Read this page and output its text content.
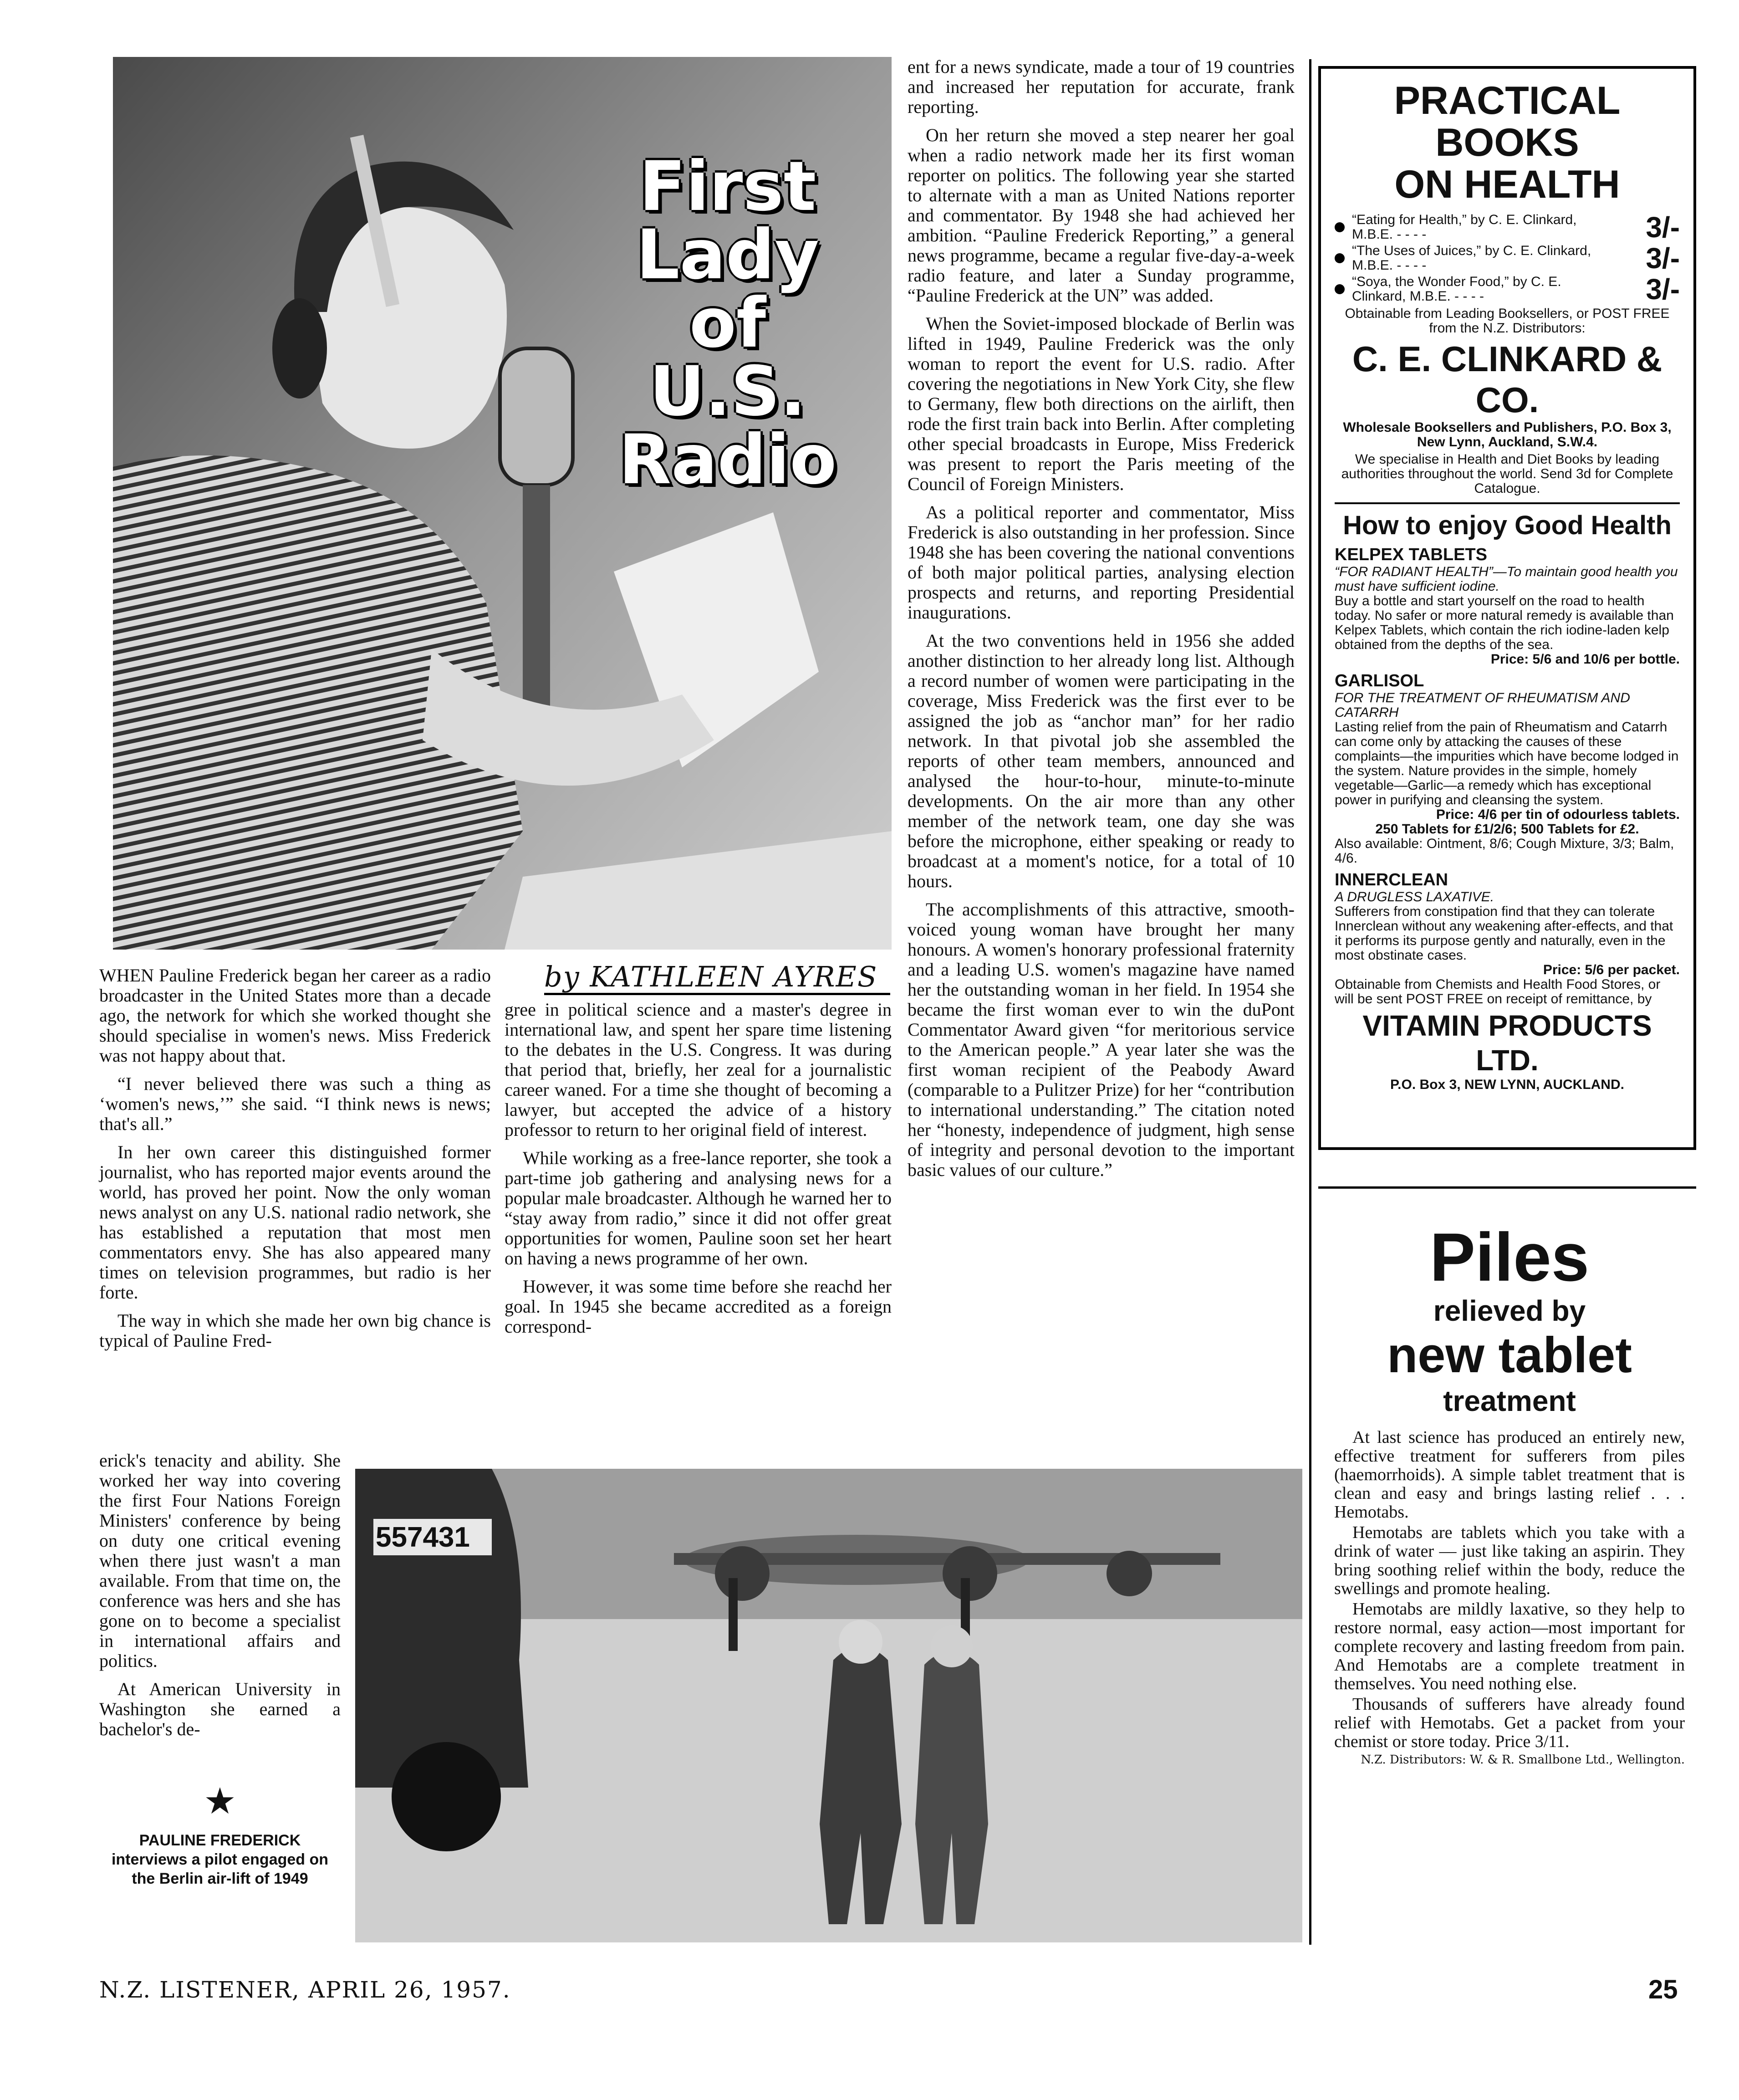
First
Lady
of
U.S.
Radio
by KATHLEEN AYRES

WHEN Pauline Frederick began her career as a radio broadcaster in the United States more than a decade ago, the network for which she worked thought she should specialise in women's news. Miss Frederick was not happy about that.

“I never believed there was such a thing as ‘women's news,’” she said. “I think news is news; that's all.”

In her own career this distinguished former journalist, who has reported major events around the world, has proved her point. Now the only woman news analyst on any U.S. national radio network, she has established a reputation that most men commentators envy. She has also appeared many times on television programmes, but radio is her forte.

The way in which she made her own big chance is typical of Pauline Fred-

erick's tenacity and ability. She worked her way into covering the first Four Nations Foreign Ministers' conference by being on duty one critical evening when there just wasn't a man available. From that time on, the conference was hers and she has gone on to become a specialist in international affairs and politics.

At American University in Washington she earned a bachelor's de-

★
PAULINE FREDERICK interviews a pilot engaged on the Berlin air-lift of 1949

gree in political science and a master's degree in international law, and spent her spare time listening to the debates in the U.S. Congress. It was during that period that, briefly, her zeal for a journalistic career waned. For a time she thought of becoming a lawyer, but accepted the advice of a history professor to return to her original field of interest.

While working as a free-lance reporter, she took a part-time job gathering and analysing news for a popular male broadcaster. Although he warned her to “stay away from radio,” since it did not offer great opportunities for women, Pauline soon set her heart on having a news programme of her own.

However, it was some time before she reachd her goal. In 1945 she became accredited as a foreign correspond-

ent for a news syndicate, made a tour of 19 countries and increased her reputation for accurate, frank reporting.

On her return she moved a step nearer her goal when a radio network made her its first woman reporter on politics. The following year she started to alternate with a man as United Nations reporter and commentator. By 1948 she had achieved her ambition. “Pauline Frederick Reporting,” a general news programme, became a regular five-day-a-week radio feature, and later a Sunday programme, “Pauline Frederick at the UN” was added.

When the Soviet-imposed blockade of Berlin was lifted in 1949, Pauline Frederick was the only woman to report the event for U.S. radio. After covering the negotiations in New York City, she flew to Germany, flew both directions on the airlift, then rode the first train back into Berlin. After completing other special broadcasts in Europe, Miss Frederick was present to report the Paris meeting of the Council of Foreign Ministers.

As a political reporter and commentator, Miss Frederick is also outstanding in her profession. Since 1948 she has been covering the national conventions of both major political parties, analysing election prospects and returns, and reporting Presidential inaugurations.

At the two conventions held in 1956 she added another distinction to her already long list. Although a record number of women were participating in the coverage, Miss Frederick was the first ever to be assigned the job as “anchor man” for her radio network. In that pivotal job she assembled the reports of other team members, announced and analysed the hour-to-hour, minute-to-minute developments. On the air more than any other member of the network team, one day she was before the microphone, either speaking or ready to broadcast at a moment's notice, for a total of 10 hours.

The accomplishments of this attractive, smooth-voiced young woman have brought her many honours. A women's honorary professional fraternity and a leading U.S. women's magazine have named her the outstanding woman in her field. In 1954 she became the first woman ever to win the duPont Commentator Award given “for meritorious service to the American people.” A year later she was the first woman recipient of the Peabody Award (comparable to a Pulitzer Prize) for her “contribution to international understanding.” The citation noted her “honesty, independence of judgment, high sense of integrity and personal devotion to the important basic values of our culture.”

557431
N.Z. LISTENER, APRIL 26, 1957.	25
PRACTICAL BOOKS
ON HEALTH
“Eating for Health,” by C. E. Clinkard, M.B.E. - - - -	3/-
“The Uses of Juices,” by C. E. Clinkard, M.B.E. - - - -	3/-
“Soya, the Wonder Food,” by C. E. Clinkard, M.B.E. - - - -	3/-
Obtainable from Leading Booksellers, or POST FREE from the N.Z. Distributors:
C. E. CLINKARD & CO.
Wholesale Booksellers and Publishers, P.O. Box 3, New Lynn, Auckland, S.W.4.
We specialise in Health and Diet Books by leading authorities throughout the world. Send 3d for Complete Catalogue.
How to enjoy Good Health
KELPEX TABLETS
“FOR RADIANT HEALTH”—To maintain good health you must have sufficient iodine.
Buy a bottle and start yourself on the road to health today. No safer or more natural remedy is available than Kelpex Tablets, which contain the rich iodine-laden kelp obtained from the depths of the sea.
Price: 5/6 and 10/6 per bottle.
GARLISOL
FOR THE TREATMENT OF RHEUMATISM AND CATARRH
Lasting relief from the pain of Rheumatism and Catarrh can come only by attacking the causes of these complaints—the impurities which have become lodged in the system. Nature provides in the simple, homely vegetable—Garlic—a remedy which has exceptional power in purifying and cleansing the system.
Price: 4/6 per tin of odourless tablets.
250 Tablets for £1/2/6; 500 Tablets for £2.
Also available: Ointment, 8/6; Cough Mixture, 3/3; Balm, 4/6.
INNERCLEAN
A DRUGLESS LAXATIVE.
Sufferers from constipation find that they can tolerate Innerclean without any weakening after-effects, and that it performs its purpose gently and naturally, even in the most obstinate cases.
Price: 5/6 per packet.
Obtainable from Chemists and Health Food Stores, or will be sent POST FREE on receipt of remittance, by
VITAMIN PRODUCTS LTD.
P.O. Box 3, NEW LYNN, AUCKLAND.
Piles
relieved by
new tablet
treatment

At last science has produced an entirely new, effective treatment for sufferers from piles (haemorrhoids). A simple tablet treatment that is clean and easy and brings lasting relief . . . Hemotabs.

Hemotabs are tablets which you take with a drink of water — just like taking an aspirin. They bring soothing relief within the body, reduce the swellings and promote healing.

Hemotabs are mildly laxative, so they help to restore normal, easy action—most important for complete recovery and lasting freedom from pain. And Hemotabs are a complete treatment in themselves. You need nothing else.

Thousands of sufferers have already found relief with Hemotabs. Get a packet from your chemist or store today. Price 3/11.

N.Z. Distributors: W. & R. Smallbone Ltd., Wellington.
